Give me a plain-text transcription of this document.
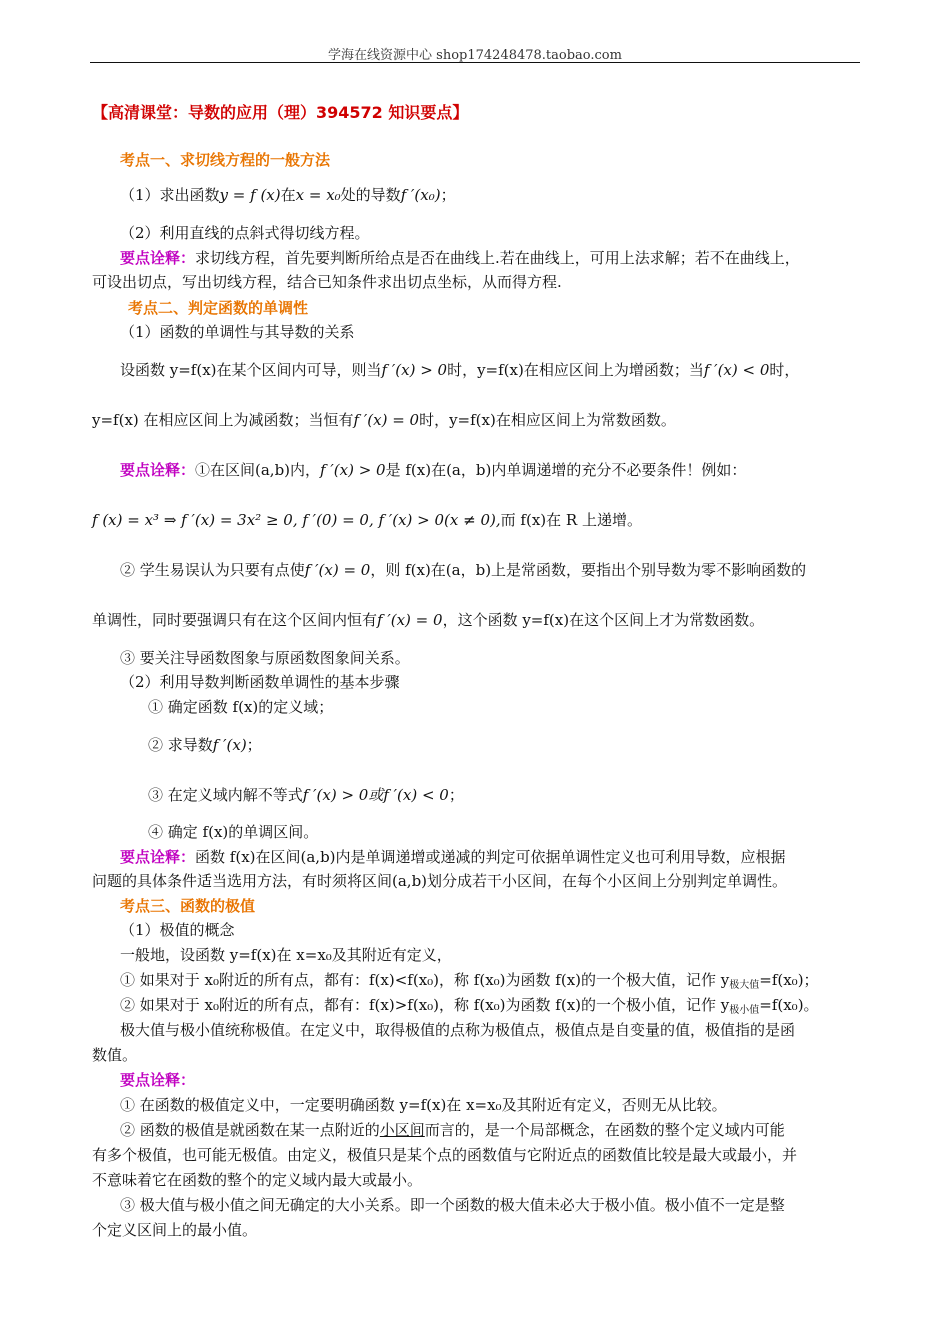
学海在线资源中心 shop174248478.taobao.com
【高清课堂：导数的应用（理）394572 知识要点】
考点一、求切线方程的一般方法
（1）求出函数y = f (x)在x = x₀处的导数f ′(x₀)；
（2）利用直线的点斜式得切线方程。
要点诠释：求切线方程，首先要判断所给点是否在曲线上.若在曲线上，可用上法求解；若不在曲线上，
可设出切点，写出切线方程，结合已知条件求出切点坐标，从而得方程.
考点二、判定函数的单调性
（1）函数的单调性与其导数的关系
设函数 y=f(x)在某个区间内可导，则当f ′(x) > 0时，y=f(x)在相应区间上为增函数；当f ′(x) < 0时，
y=f(x) 在相应区间上为减函数；当恒有f ′(x) = 0时，y=f(x)在相应区间上为常数函数。
要点诠释：①在区间(a,b)内，f ′(x) > 0是 f(x)在(a，b)内单调递增的充分不必要条件！例如：
f (x) = x³ ⇒ f ′(x) = 3x² ≥ 0, f ′(0) = 0, f ′(x) > 0(x ≠ 0),而 f(x)在 R 上递增。
② 学生易误认为只要有点使f ′(x) = 0，则 f(x)在(a，b)上是常函数，要指出个别导数为零不影响函数的
单调性，同时要强调只有在这个区间内恒有f ′(x) = 0，这个函数 y=f(x)在这个区间上才为常数函数。
③ 要关注导函数图象与原函数图象间关系。
（2）利用导数判断函数单调性的基本步骤
① 确定函数 f(x)的定义域；
② 求导数f ′(x)；
③ 在定义域内解不等式f ′(x) > 0或f ′(x) < 0；
④ 确定 f(x)的单调区间。
要点诠释：函数 f(x)在区间(a,b)内是单调递增或递减的判定可依据单调性定义也可利用导数，应根据
问题的具体条件适当选用方法，有时须将区间(a,b)划分成若干小区间，在每个小区间上分别判定单调性。
考点三、函数的极值
（1）极值的概念
一般地，设函数 y=f(x)在 x=x₀及其附近有定义，
① 如果对于 x₀附近的所有点，都有：f(x)<f(x₀)，称 f(x₀)为函数 f(x)的一个极大值，记作 $y_{极大值}=f(x_0)$；
② 如果对于 x₀附近的所有点，都有：f(x)>f(x₀)，称 f(x₀)为函数 f(x)的一个极小值，记作 $y_{极小值}=f(x_0)$。
极大值与极小值统称极值。在定义中，取得极值的点称为极值点，极值点是自变量的值，极值指的是函
数值。
要点诠释：
① 在函数的极值定义中，一定要明确函数 y=f(x)在 x=x₀及其附近有定义，否则无从比较。
② 函数的极值是就函数在某一点附近的小区间而言的，是一个局部概念，在函数的整个定义域内可能
有多个极值，也可能无极值。由定义，极值只是某个点的函数值与它附近点的函数值比较是最大或最小，并
不意味着它在函数的整个的定义域内最大或最小。
③ 极大值与极小值之间无确定的大小关系。即一个函数的极大值未必大于极小值。极小值不一定是整
个定义区间上的最小值。
